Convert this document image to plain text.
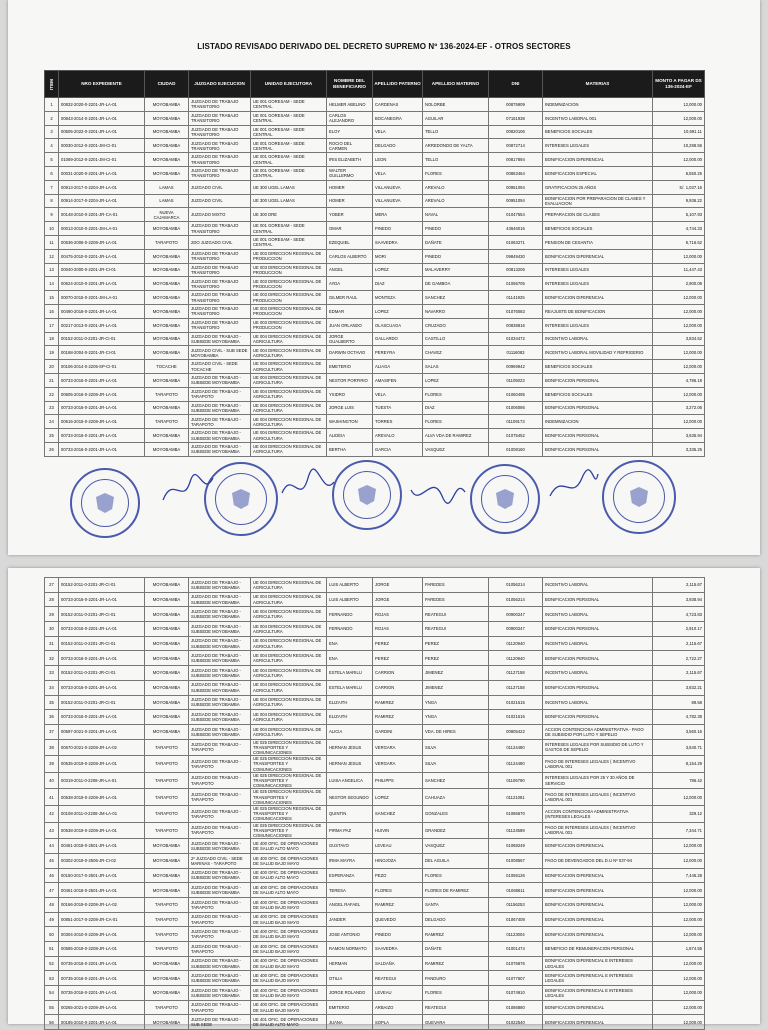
LISTADO REVISADO DERIVADO DEL DECRETO SUPREMO Nº 136-2024-EF - OTROS SECTORES
ITEM	NRO EXPEDIENTE	CIUDAD	JUZGADO EJECUCION	UNIDAD EJECUTORA	NOMBRE DEL BENEFICIARIO	APELLIDO PATERNO	APELLIDO MATERNO	DNI	MATERIAS	MONTO A PAGAR DS 136-2024-EF
1	00832-2020-0-2201-JR-LA-01	MOYOBAMBA	JUZGADO DE TRABAJO TRANSITORIO	UE 001 GORESAM - SEDE CENTRAL	HELMER ABELINO	CARDENAS	NOLORBE	00875909	INDEMNIZACION	12,000.00
2	00843-2014-0-2201-JR-LA-01	MOYOBAMBA	JUZGADO DE TRABAJO TRANSITORIO	UE 001 GORESAM - SEDE CENTRAL	CARLOS ALEJANDRO	BOCANEGRA	AGUILAR	07151938	INCENTIVO LABORAL 001	12,000.00
3	00505-2022-0-2201-JR-LA-01	MOYOBAMBA	JUZGADO DE TRABAJO TRANSITORIO	UE 001 GORESAM - SEDE CENTRAL	ELOY	VELA	TELLO	00820106	BENEFICIOS SOCIALES	10,691.11
4	00030-2012-0-2201-JM-CI-01	MOYOBAMBA	JUZGADO DE TRABAJO TRANSITORIO	UE 001 GORESAM - SEDE CENTRAL	ROCIO DEL CARMEN	DELGADO	ARREDONDO DE YALTA	00872714	INTERESES LEGALES	10,288.56
5	01069-2012-0-2201-JM-CI-01	MOYOBAMBA	JUZGADO DE TRABAJO TRANSITORIO	UE 001 GORESAM - SEDE CENTRAL	IRIS ELIZABETH	LEON	TELLO	00817894	BONIFICACION DIFERENCIAL	12,000.00
6	00031-2020-0-2201-JR-LA-01	MOYOBAMBA	JUZGADO DE TRABAJO TRANSITORIO	UE 001 GORESAM - SEDE CENTRAL	WALTER GUILLERMO	VELA	FLORES	00863464	BONIFICACION ESPECIAL	6,550.25
7	00913-2017-0-2204-JR-LA-01	LAMAS	JUZGADO CIVIL	UE 300 UGEL LAMAS	HOMER	VILLANUEVA	AREVALO	00951094	GRATIFICACION 25 AÑOS	S/. 1,037.16
8	00914-2017-0-2204-JR-LA-01	LAMAS	JUZGADO CIVIL	UE 300 UGEL LAMAS	HOMER	VILLANUEVA	AREVALO	00951094	BONIFICACION POR PREPARACION DE CLASES Y EVALUACION	9,936.22
9	00148-2010-0-2201-JR-CA-01	NUEVA CAJAMARCA	JUZGADO MIXTO	UE 300 DRE	YOBER	MERA	NAVAL	01047554	PREPARACION DE CLASES	5,107.93
10	00013-2010-0-2201-JM-LA-01	MOYOBAMBA	JUZGADO DE TRABAJO TRANSITORIO	UE 001 GORESAM - SEDE CENTRAL	OMAR	PINEDO	PINEDO	43646016	BENEFICIOS SOCIALES	4,744.33
11	00536-2006-0-2208-JR-LA-01	TARAPOTO	2DO JUZGADO CIVIL	UE 001 GORESAM - SEDE CENTRAL	EZEQUIEL	SAAVEDRA	DAÑATE	01063271	PENSION DE CESANTIA	6,716.52
12	00475-2010-0-2201-JR-LA-01	MOYOBAMBA	JUZGADO DE TRABAJO TRANSITORIO	UE 003 DIRECCION REGIONAL DE PRODUCCION	CARLOS ALBERTO	MORI	PINEDO	09849430	BONIFICACION DIFERENCIAL	12,000.00
13	00040-2000-0-2201-JR-CI-01	MOYOBAMBA	JUZGADO DE TRABAJO TRANSITORIO	UE 003 DIRECCION REGIONAL DE PRODUCCION	ANGEL	LOPEZ	MALAVERRY	00813206	INTERESES LEGALES	11,447.43
14	00624-2010-0-2201-JR-LA-01	MOYOBAMBA	JUZGADO DE TRABAJO TRANSITORIO	UE 003 DIRECCION REGIONAL DE PRODUCCION	AYDA	DIAZ	DE GAMBOA	01066705	INTERESES LEGALES	2,900.08
15	00070-2015-0-2201-JM-LA-01	MOYOBAMBA	JUZGADO DE TRABAJO TRANSITORIO	UE 003 DIRECCION REGIONAL DE PRODUCCION	GILMER RAUL	MONTEZA	SANCHEZ	01141925	BONIFICACION DIFERENCIAL	12,000.00
16	00490-2018-0-2201-JR-LA-01	MOYOBAMBA	JUZGADO DE TRABAJO TRANSITORIO	UE 003 DIRECCION REGIONAL DE PRODUCCION	EDMAR	LOPEZ	NAVARRO	01076083	REAJUSTE DE BONIFICACION	12,000.00
17	00217-2013-0-2201-JR-LA-01	MOYOBAMBA	JUZGADO DE TRABAJO TRANSITORIO	UE 003 DIRECCION REGIONAL DE PRODUCCION	JUAN ORLANDO	OLASCUAGA	CRUZADO	00838816	INTERESES LEGALES	12,000.00
18	00152-2011-0-2201-JR-CI-01	MOYOBAMBA	JUZGADO DE TRABAJO - SUBSEDE MOYOBAMBA	UE 004 DIRECCION REGIONAL DE AGRICULTURA	JORGE GUALBERTO	GALLARDO	CASTILLO	01034472	INCENTIVO LABORAL	3,834.52
19	00168-2004-0-2201-JR-CI-01	MOYOBAMBA	JUZGADO CIVIL - SUB SEDE MOYOBAMBA	UE 004 DIRECCION REGIONAL DE AGRICULTURA	DARWIN OCTAVIO	PEREYRA	CHAVEZ	01116083	INCENTIVO LABORAL MOVILIDAD Y REFRIGERIO	12,000.00
20	00106-2014-0-2205-SP-CI-01	TOCACHE	JUZGADO CIVIL - SEDE TOCACHE	UE 004 DIRECCION REGIONAL DE AGRICULTURA	EMETERIO	ALIAGA	SALAS	00969942	BENEFICIOS SOCIALES	12,000.00
21	00733-2016-0-2201-JR-LA-01	MOYOBAMBA	JUZGADO DE TRABAJO - SUBSEDE MOYOBAMBA	UE 004 DIRECCION REGIONAL DE AGRICULTURA	NESTOR PORFIRIO	AMASIFEN	LOPEZ	01105023	BONIFICACION PERSONAL	4,786.18
22	00605-2016-0-2208-JR-LA-01	TARAPOTO	JUZGADO DE TRABAJO - TARAPOTO	UE 004 DIRECCION REGIONAL DE AGRICULTURA	YSIDRO	VELA	FLORES	01060495	BENEFICIOS SOCIALES	12,000.00
23	00733-2016-0-2201-JR-LA-01	MOYOBAMBA	JUZGADO DE TRABAJO - SUBSEDE MOYOBAMBA	UE 004 DIRECCION REGIONAL DE AGRICULTURA	JORGE LUIS	TUESTA	DIAZ	01006086	BONIFICACION PERSONAL	3,272.06
24	00615-2015-0-2208-JR-LA-01	TARAPOTO	JUZGADO DE TRABAJO - TARAPOTO	UE 004 DIRECCION REGIONAL DE AGRICULTURA	WASHINGTON	TORRES	FLORES	01109173	INDEMNIZACION	12,000.00
25	00733-2016-0-2201-JR-LA-01	MOYOBAMBA	JUZGADO DE TRABAJO - SUBSEDE MOYOBAMBA	UE 004 DIRECCION REGIONAL DE AGRICULTURA	ALIDEIA	AREVALO	ALVA VDA DE RAMIREZ	01075452	BONIFICACION PERSONAL	3,635.94
26	00733-2016-0-2201-JR-LA-01	MOYOBAMBA	JUZGADO DE TRABAJO - SUBSEDE MOYOBAMBA	UE 004 DIRECCION REGIONAL DE AGRICULTURA	BERTHA	GARCIA	VASQUEZ	01008160	BONIFICACION PERSONAL	3,335.25
27	00152-2011-0-2201-JR-CI-01	MOYOBAMBA	JUZGADO DE TRABAJO - SUBSEDE MOYOBAMBA	UE 004 DIRECCION REGIONAL DE AGRICULTURA	LUIS ALBERTO	JORGE	PAREDES	01056214	INCENTIVO LABORAL	2,115.67
28	00733-2016-0-2201-JR-LA-01	MOYOBAMBA	JUZGADO DE TRABAJO - SUBSEDE MOYOBAMBA	UE 004 DIRECCION REGIONAL DE AGRICULTURA	LUIS ALBERTO	JORGE	PAREDES	01056214	BONIFICACION PERSONAL	3,938.94
29	00152-2011-0-2201-JR-CI-01	MOYOBAMBA	JUZGADO DE TRABAJO - SUBSEDE MOYOBAMBA	UE 004 DIRECCION REGIONAL DE AGRICULTURA	FERNANDO	ROJAS	REATEGUI	00900247	INCENTIVO LABORAL	4,723.83
30	00733-2016-0-2201-JR-LA-01	MOYOBAMBA	JUZGADO DE TRABAJO - SUBSEDE MOYOBAMBA	UE 004 DIRECCION REGIONAL DE AGRICULTURA	FERNANDO	ROJAS	REATEGUI	00900247	BONIFICACION PERSONAL	2,910.17
31	00152-2011-0-2201-JR-CI-01	MOYOBAMBA	JUZGADO DE TRABAJO - SUBSEDE MOYOBAMBA	UE 004 DIRECCION REGIONAL DE AGRICULTURA	ENA	PEREZ	PEREZ	01120940	INCENTIVO LABORAL	2,115.67
32	00733-2016-0-2201-JR-LA-01	MOYOBAMBA	JUZGADO DE TRABAJO - SUBSEDE MOYOBAMBA	UE 004 DIRECCION REGIONAL DE AGRICULTURA	ENA	PEREZ	PEREZ	01120940	BONIFICACION PERSONAL	2,722.27
33	00152-2011-0-2201-JR-CI-01	MOYOBAMBA	JUZGADO DE TRABAJO - SUBSEDE MOYOBAMBA	UE 004 DIRECCION REGIONAL DE AGRICULTURA	ESTELA MARILU	CARRION	JIMENEZ	01127158	INCENTIVO LABORAL	2,115.67
34	00733-2016-0-2201-JR-LA-01	MOYOBAMBA	JUZGADO DE TRABAJO - SUBSEDE MOYOBAMBA	UE 004 DIRECCION REGIONAL DE AGRICULTURA	ESTELA MARILU	CARRION	JIMENEZ	01127158	BONIFICACION PERSONAL	3,832.21
35	00152-2011-0-2201-JR-CI-01	MOYOBAMBA	JUZGADO DE TRABAJO - SUBSEDE MOYOBAMBA	UE 004 DIRECCION REGIONAL DE AGRICULTURA	ELIZAITH	RAMIREZ	YNGA	01021515	INCENTIVO LABORAL	89.58
36	00733-2016-0-2201-JR-LA-01	MOYOBAMBA	JUZGADO DE TRABAJO - SUBSEDE MOYOBAMBA	UE 004 DIRECCION REGIONAL DE AGRICULTURA	ELIZAITH	RAMIREZ	YNGA	01021515	BONIFICACION PERSONAL	4,782.38
37	00597-2021-0-2201-JR-LA-01	MOYOBAMBA	JUZGADO DE TRABAJO - SUBSEDE MOYOBAMBA	UE 004 DIRECCION REGIONAL DE AGRICULTURA	ALICIA	GARDINI	VDA. DE HIRES	00805422	ACCION CONTENCIOSA ADMINISTRATIVA - PAGO DE SUBSIDIO POR LUTO Y SEPELIO	3,560.16
38	00670-2021-0-2208-JR-LA-02	TARAPOTO	JUZGADO DE TRABAJO - TARAPOTO	UE 025 DIRECCION REGIONAL DE TRANSPORTES Y COMUNICACIONES	HERNAN JESUS	VERGARA	SILVA	01124480	INTERESES LEGALES POR SUBSIDIO DE LUTO Y GASTOS DE SEPELIO	3,640.71
39	00535-2019-0-2208-JR-LA-01	TARAPOTO	JUZGADO DE TRABAJO - TARAPOTO	UE 025 DIRECCION REGIONAL DE TRANSPORTES Y COMUNICACIONES	HERNAN JESUS	VERGARA	SILVA	01124480	PAGO DE INTERESES LEGALES ( INCENTIVO LABORAL 001	8,154.29
40	00319-2011-0-2208-JR-LA-01	TARAPOTO	JUZGADO DE TRABAJO - TARAPOTO	UE 025 DIRECCION REGIONAL DE TRANSPORTES Y COMUNICACIONES	LUISA ANGELICA	PHILIPPS	SANCHEZ	01106790	INTERESES LEGALES POR 25 Y 30 AÑOS DE SERVICIO	786.42
41	00538-2019-0-2208-JR-LA-01	TARAPOTO	JUZGADO DE TRABAJO - TARAPOTO	UE 025 DIRECCION REGIONAL DE TRANSPORTES Y COMUNICACIONES	NESTOR SEGUNDO	LOPEZ	CAHUAZA	01121081	PAGO DE INTERESES LEGALES ( INCENTIVO LABORAL 001	12,000.00
42	00108-2011-0-2208-JM-LA-01	TARAPOTO	JUZGADO DE TRABAJO - TARAPOTO	UE 025 DIRECCION REGIONAL DE TRANSPORTES Y COMUNICACIONES	QUINTIN	SANCHEZ	GONZALES	01086670	ACCION CONTENCIOSA ADMINISTRATIVA (INTERESES LEGALES	329.12
43	00538-2019-0-2208-JR-LA-01	TARAPOTO	JUZGADO DE TRABAJO - TARAPOTO	UE 025 DIRECCION REGIONAL DE TRANSPORTES Y COMUNICACIONES	PIRMA PAZ	HUIVIN	GRANDEZ	01124589	PAGO DE INTERESES LEGALES ( INCENTIVO LABORAL 001	7,344.71
44	00461-2018-0-2501-JR-LA-01	MOYOBAMBA	JUZGADO DE TRABAJO - SUBSEDE MOYOBAMBA	UE 400 OFIC. DE OPERACIONES DE SALUD ALTO MAYO	GUSTAVO	LEVEAU	VASQUEZ	01068249	BONIFICACION DIFERENCIAL	12,000.00
45	00302-2019-0-2506-JR-CI-02	MOYOBAMBA	2º JUZGADO CIVIL - SEDE MARINAS - TARAPOTO	UE 400 OFIC. DE OPERACIONES DE SALUD BAJO MAYO	IRMA MAYRA	HINOJOZA	DEL AGUILA	01008567	PAGO DE DEVENGADOS DEL D.U Nº 037-94	12,000.00
46	00150-2017-0-2501-JR-LA-01	MOYOBAMBA	JUZGADO DE TRABAJO - SUBSEDE MOYOBAMBA	UE 400 OFIC. DE OPERACIONES DE SALUD ALTO MAYO	ESPERANZA	PEZO	FLORES	01068126	BONIFICACION DIFERENCIAL	7,446.28
47	00461-2018-0-2501-JR-LA-01	MOYOBAMBA	JUZGADO DE TRABAJO - SUBSEDE MOYOBAMBA	UE 400 OFIC. DE OPERACIONES DE SALUD ALTO MAYO	TERESA	FLORES	FLORES DE RAMIREZ	01068611	BONIFICACION DIFERENCIAL	12,000.00
48	00166-2019-0-2208-JR-LA-02	TARAPOTO	JUZGADO DE TRABAJO - TARAPOTO	UE 400 OFIC. DE OPERACIONES DE SALUD BAJO MAYO	ANGEL RAFAEL	RAMIREZ	SANTA	01156253	BONIFICACION DIFERENCIAL	12,000.00
49	00851-2017-0-2208-JR-CA-01	TARAPOTO	JUZGADO DE TRABAJO - TARAPOTO	UE 400 OFIC. DE OPERACIONES DE SALUD BAJO MAYO	JANDER	QUEVEDO	DELGADO	01067408	BONIFICACION DIFERENCIAL	12,000.00
50	00304-2010-0-2208-JR-LA-01	TARAPOTO	JUZGADO DE TRABAJO - TARAPOTO	UE 400 OFIC. DE OPERACIONES DE SALUD BAJO MAYO	JOSE ANTONIO	PINEDO	RAMIREZ	01123004	BONIFICACION DIFERENCIAL	12,000.00
51	00585-2019-0-2208-JR-LA-01	TARAPOTO	JUZGADO DE TRABAJO - TARAPOTO	UE 400 OFIC. DE OPERACIONES DE SALUD BAJO MAYO	RAMON NORMATO	SAAVEDRA	DAÑATE	01001474	BENEFICIO DE REMUNERACION PERSONAL	1,874.55
52	00735-2016-0-2201-JR-LA-01	MOYOBAMBA	JUZGADO DE TRABAJO - SUBSEDE MOYOBAMBA	UE 400 OFIC. DE OPERACIONES DE SALUD BAJO MAYO	HERMAN	SALDAÑA	RAMIREZ	01076876	BONIFICACION DIFERENCIAL E INTERESES LEGALES	12,000.00
53	00735-2016-0-2201-JR-LA-01	MOYOBAMBA	JUZGADO DE TRABAJO - SUBSEDE MOYOBAMBA	UE 400 OFIC. DE OPERACIONES DE SALUD BAJO MAYO	OTILIA	REATEGUI	PANDURO	01077607	BONIFICACION DIFERENCIAL E INTERESES LEGALES	12,000.00
54	00735-2016-0-2201-JR-LA-01	MOYOBAMBA	JUZGADO DE TRABAJO - SUBSEDE MOYOBAMBA	UE 400 OFIC. DE OPERACIONES DE SALUD BAJO MAYO	JORGE ROLANDO	LEVEAU	FLORES	01074910	BONIFICACION DIFERENCIAL E INTERESES LEGALES	12,000.00
55	00265-2021-0-2208-JR-LA-01	TARAPOTO	JUZGADO DE TRABAJO - TARAPOTO	UE 400 OFIC. DE OPERACIONES DE SALUD BAJO MAYO	EMITERIO	ARBAIZO	REATEGUI	01086880	BONIFICACION DIFERENCIAL	12,000.00
56	00185-2010-0-2201-JR-LA-01	MOYOBAMBA	JUZGADO DE TRABAJO - SUB SEDE	UE 401 OFIC. DE OPERACIONES DE SALUD ALTO MAYO	JUANA	SOPLA	GUEVARA	01022540	BONIFICACION DIFERENCIAL	12,000.00
